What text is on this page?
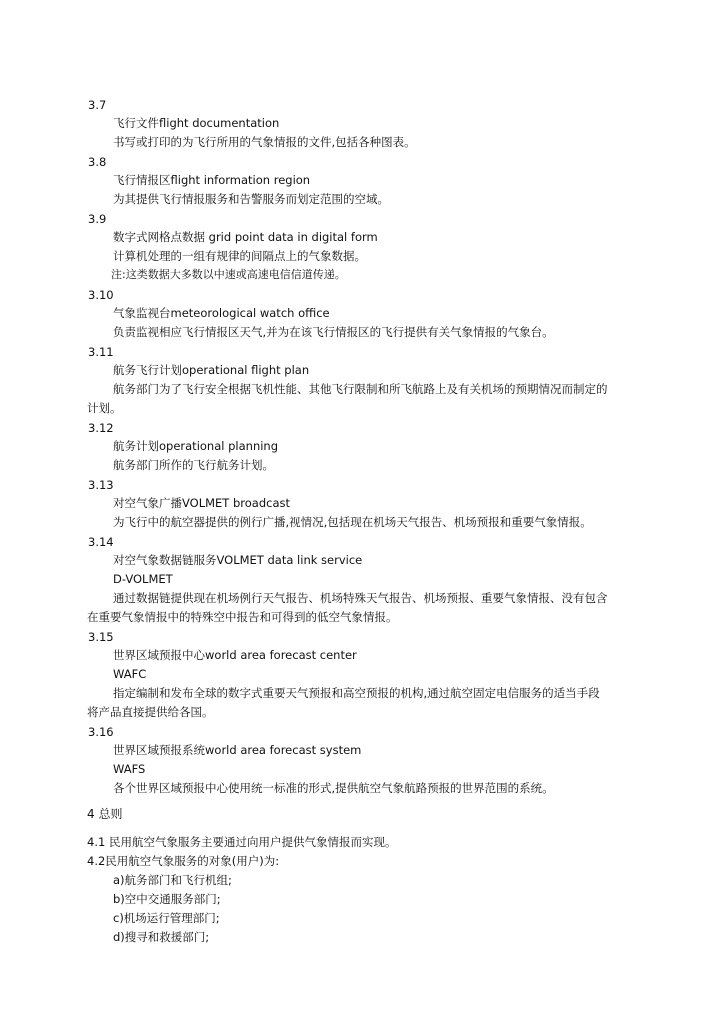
3.7
飞行文件flight documentation
书写或打印的为飞行所用的气象情报的文件,包括各种图表。
3.8
飞行情报区flight information region
为其提供飞行情报服务和告警服务而划定范围的空域。
3.9
数字式网格点数据 grid point data in digital form
计算机处理的一组有规律的间隔点上的气象数据。
注:这类数据大多数以中速或高速电信信道传递。
3.10
气象监视台meteorological watch office
负责监视相应飞行情报区天气,并为在该飞行情报区的飞行提供有关气象情报的气象台。
3.11
航务飞行计划operational flight plan
航务部门为了飞行安全根据飞机性能、其他飞行限制和所飞航路上及有关机场的预期情况而制定的
计划。
3.12
航务计划operational planning
航务部门所作的飞行航务计划。
3.13
对空气象广播VOLMET broadcast
为飞行中的航空器提供的例行广播,视情况,包括现在机场天气报告、机场预报和重要气象情报。
3.14
对空气象数据链服务VOLMET data link service
D-VOLMET
通过数据链提供现在机场例行天气报告、机场特殊天气报告、机场预报、重要气象情报、没有包含
在重要气象情报中的特殊空中报告和可得到的低空气象情报。
3.15
世界区域预报中心world area forecast center
WAFC
指定编制和发布全球的数字式重要天气预报和高空预报的机构,通过航空固定电信服务的适当手段
将产品直接提供给各国。
3.16
世界区域预报系统world area forecast system
WAFS
各个世界区域预报中心使用统一标准的形式,提供航空气象航路预报的世界范围的系统。
4 总则
4.1 民用航空气象服务主要通过向用户提供气象情报而实现。
4.2民用航空气象服务的对象(用户)为:
a)航务部门和飞行机组;
b)空中交通服务部门;
c)机场运行管理部门;
d)搜寻和救援部门;
